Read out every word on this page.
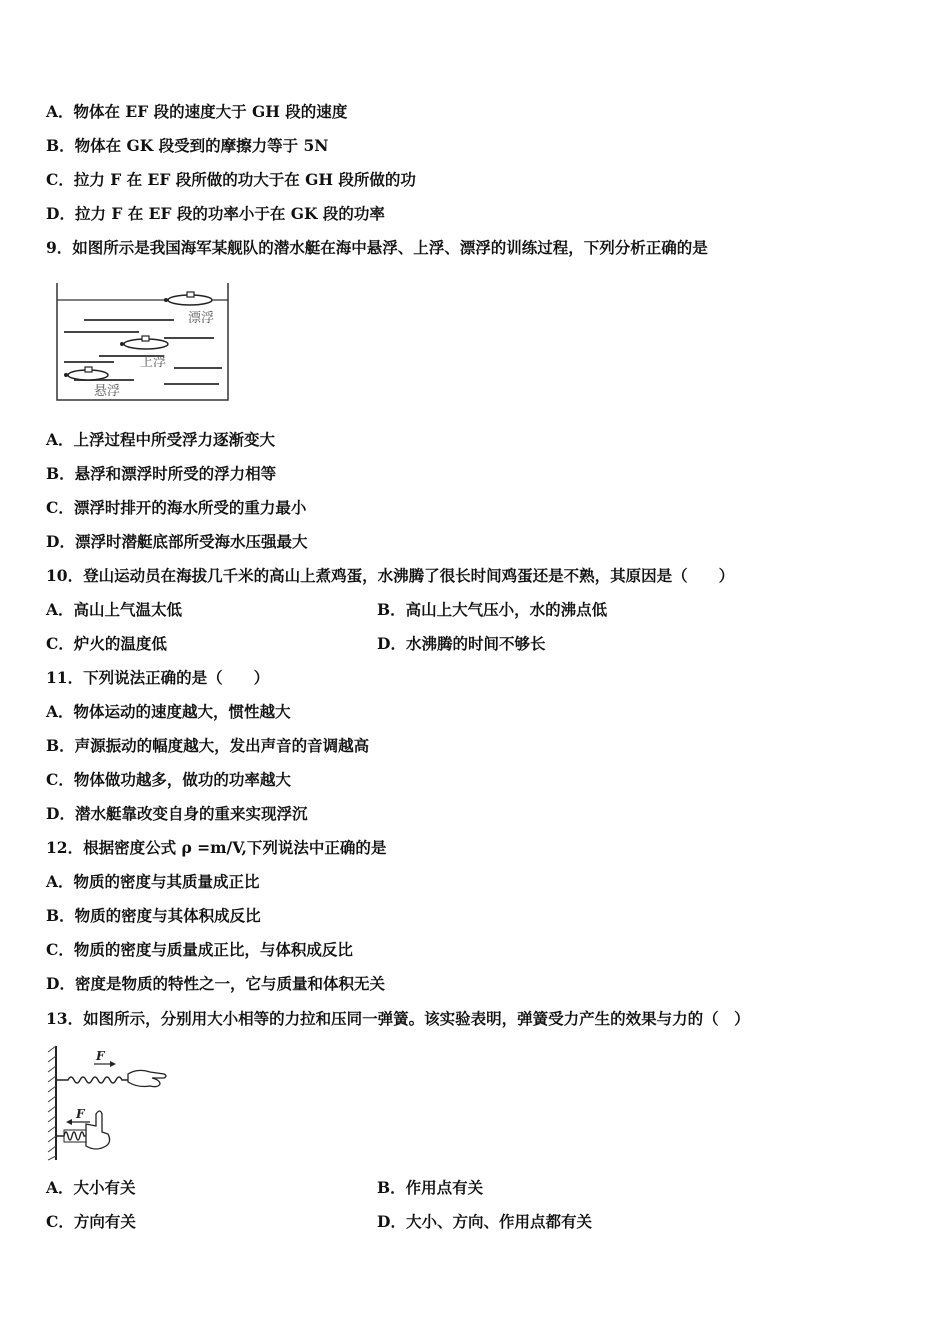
A．物体在 EF 段的速度大于 GH 段的速度
B．物体在 GK 段受到的摩擦力等于 5N
C．拉力 F 在 EF 段所做的功大于在 GH 段所做的功
D．拉力 F 在 EF 段的功率小于在 GK 段的功率
9．如图所示是我国海军某舰队的潜水艇在海中悬浮、上浮、漂浮的训练过程，下列分析正确的是
漂浮
上浮
悬浮
A．上浮过程中所受浮力逐渐变大
B．悬浮和漂浮时所受的浮力相等
C．漂浮时排开的海水所受的重力最小
D．漂浮时潜艇底部所受海水压强最大
10．登山运动员在海拔几千米的高山上煮鸡蛋，水沸腾了很长时间鸡蛋还是不熟，其原因是（　　）
A．高山上气温太低	B．高山上大气压小，水的沸点低
C．炉火的温度低	D．水沸腾的时间不够长
11．下列说法正确的是（　　）
A．物体运动的速度越大，惯性越大
B．声源振动的幅度越大，发出声音的音调越高
C．物体做功越多，做功的功率越大
D．潜水艇靠改变自身的重来实现浮沉
12．根据密度公式 ρ =m/V,下列说法中正确的是
A．物质的密度与其质量成正比
B．物质的密度与其体积成反比
C．物质的密度与质量成正比，与体积成反比
D．密度是物质的特性之一，它与质量和体积无关
13．如图所示，分别用大小相等的力拉和压同一弹簧。该实验表明，弹簧受力产生的效果与力的（　）
F
F
A．大小有关	B．作用点有关
C．方向有关	D．大小、方向、作用点都有关
